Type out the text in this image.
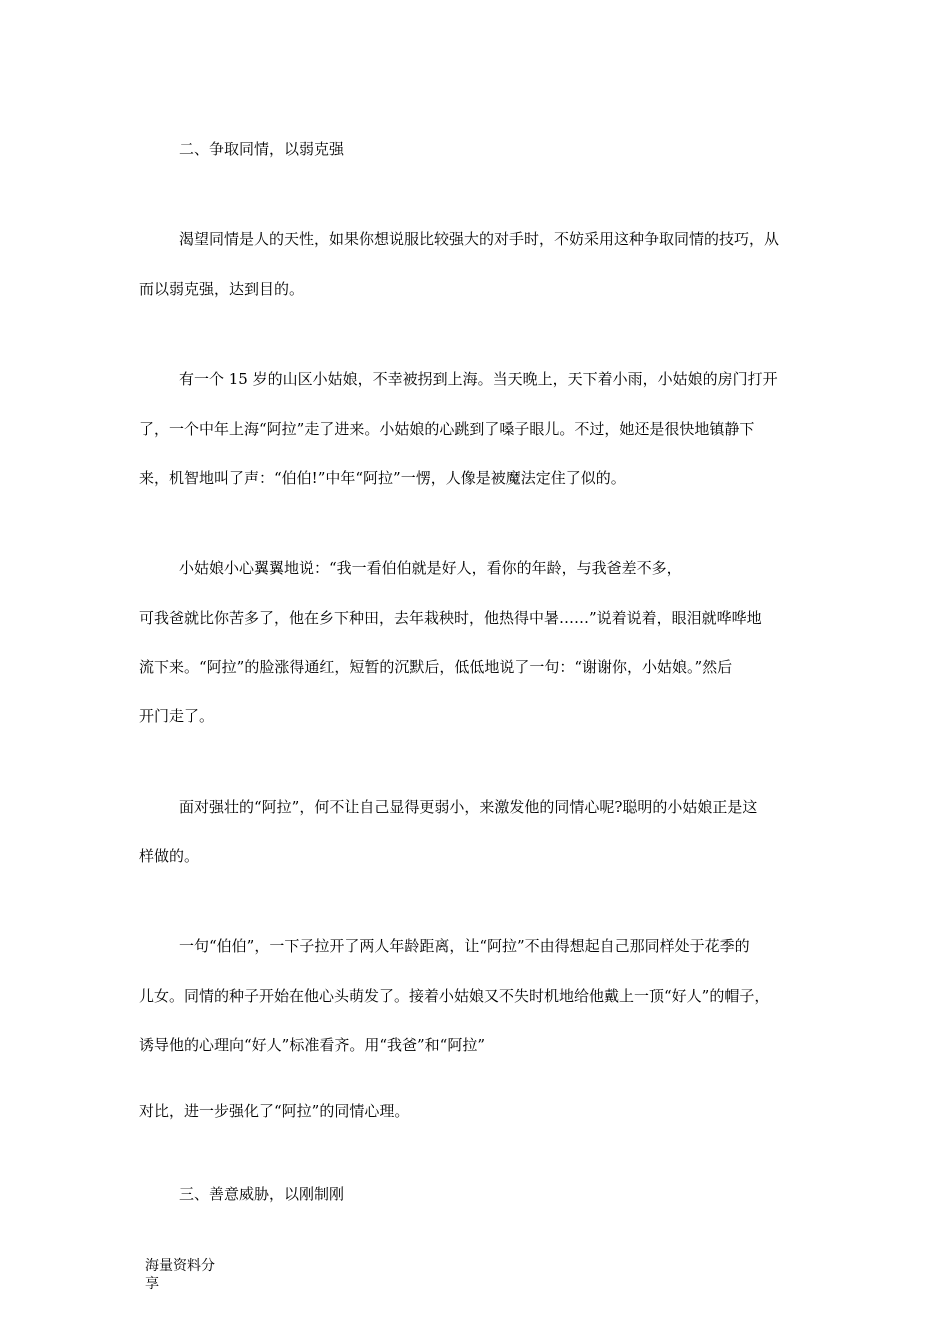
二、争取同情，以弱克强
渴望同情是人的天性，如果你想说服比较强大的对手时，不妨采用这种争取同情的技巧，从
而以弱克强，达到目的。
有一个 15 岁的山区小姑娘，不幸被拐到上海。当天晚上，天下着小雨，小姑娘的房门打开
了，一个中年上海“阿拉”走了进来。小姑娘的心跳到了嗓子眼儿。不过，她还是很快地镇静下
来，机智地叫了声：“伯伯!”中年“阿拉”一愣，人像是被魔法定住了似的。
小姑娘小心翼翼地说：“我一看伯伯就是好人，看你的年龄，与我爸差不多，
可我爸就比你苦多了，他在乡下种田，去年栽秧时，他热得中暑……”说着说着，眼泪就哗哗地
流下来。“阿拉”的脸涨得通红，短暂的沉默后，低低地说了一句：“谢谢你，小姑娘。”然后
开门走了。
面对强壮的“阿拉”，何不让自己显得更弱小，来激发他的同情心呢?聪明的小姑娘正是这
样做的。
一句“伯伯”，一下子拉开了两人年龄距离，让“阿拉”不由得想起自己那同样处于花季的
儿女。同情的种子开始在他心头萌发了。接着小姑娘又不失时机地给他戴上一顶“好人”的帽子，
诱导他的心理向“好人”标准看齐。用“我爸”和“阿拉”
对比，进一步强化了“阿拉”的同情心理。
三、善意威胁，以刚制刚
海量资料分
享
